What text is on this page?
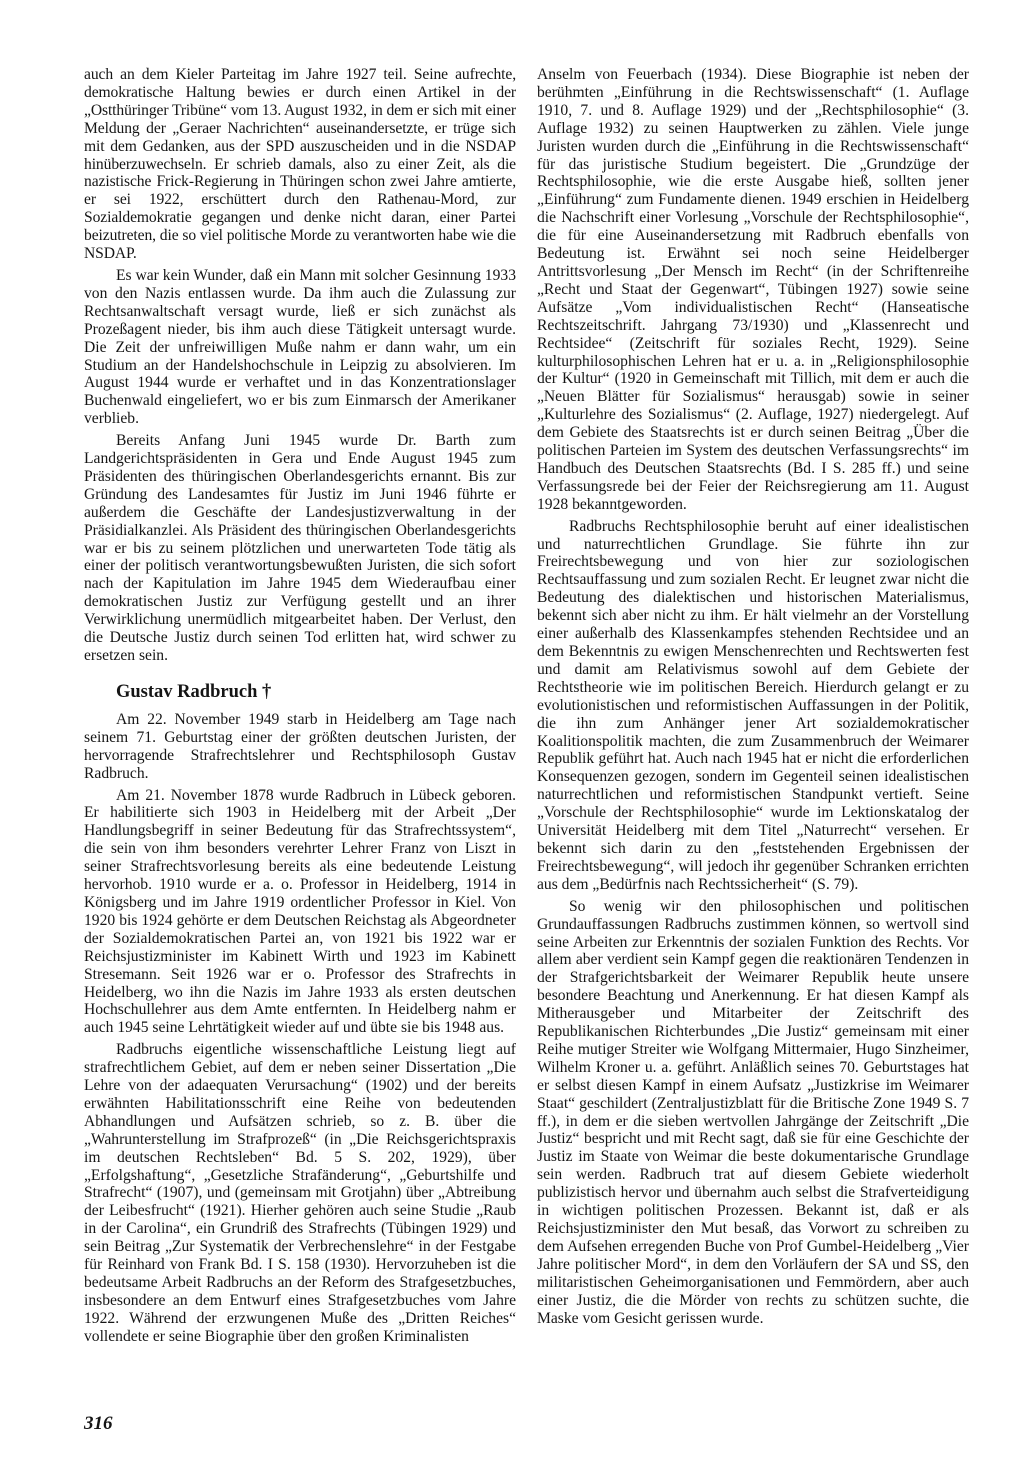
auch an dem Kieler Parteitag im Jahre 1927 teil. Seine aufrechte, demokratische Haltung bewies er durch einen Artikel in der „Ostthüringer Tribüne“ vom 13. August 1932, in dem er sich mit einer Meldung der „Geraer Nachrichten“ auseinandersetzte, er trüge sich mit dem Gedanken, aus der SPD auszuscheiden und in die NSDAP hinüberzuwechseln. Er schrieb damals, also zu einer Zeit, als die nazistische Frick-Regierung in Thüringen schon zwei Jahre amtierte, er sei 1922, erschüttert durch den Rathenau-Mord, zur Sozialdemokratie gegangen und denke nicht daran, einer Partei beizutreten, die so viel politische Morde zu verantworten habe wie die NSDAP.

Es war kein Wunder, daß ein Mann mit solcher Gesinnung 1933 von den Nazis entlassen wurde. Da ihm auch die Zulassung zur Rechtsanwaltschaft versagt wurde, ließ er sich zunächst als Prozeßagent nieder, bis ihm auch diese Tätigkeit untersagt wurde. Die Zeit der unfreiwilligen Muße nahm er dann wahr, um ein Studium an der Handelshochschule in Leipzig zu absolvieren. Im August 1944 wurde er verhaftet und in das Konzentrationslager Buchenwald eingeliefert, wo er bis zum Einmarsch der Amerikaner verblieb.

Bereits Anfang Juni 1945 wurde Dr. Barth zum Landgerichtspräsidenten in Gera und Ende August 1945 zum Präsidenten des thüringischen Oberlandesgerichts ernannt. Bis zur Gründung des Landesamtes für Justiz im Juni 1946 führte er außerdem die Geschäfte der Landesjustizverwaltung in der Präsidialkanzlei. Als Präsident des thüringischen Oberlandesgerichts war er bis zu seinem plötzlichen und unerwarteten Tode tätig als einer der politisch verantwortungsbewußten Juristen, die sich sofort nach der Kapitulation im Jahre 1945 dem Wiederaufbau einer demokratischen Justiz zur Verfügung gestellt und an ihrer Verwirklichung unermüdlich mitgearbeitet haben. Der Verlust, den die Deutsche Justiz durch seinen Tod erlitten hat, wird schwer zu ersetzen sein.

Gustav Radbruch †

Am 22. November 1949 starb in Heidelberg am Tage nach seinem 71. Geburtstag einer der größten deutschen Juristen, der hervorragende Strafrechtslehrer und Rechtsphilosoph Gustav Radbruch.

Am 21. November 1878 wurde Radbruch in Lübeck geboren. Er habilitierte sich 1903 in Heidelberg mit der Arbeit „Der Handlungsbegriff in seiner Bedeutung für das Strafrechtssystem“, die sein von ihm besonders verehrter Lehrer Franz von Liszt in seiner Strafrechtsvorlesung bereits als eine bedeutende Leistung hervorhob. 1910 wurde er a. o. Professor in Heidelberg, 1914 in Königsberg und im Jahre 1919 ordentlicher Professor in Kiel. Von 1920 bis 1924 gehörte er dem Deutschen Reichstag als Abgeordneter der Sozialdemokratischen Partei an, von 1921 bis 1922 war er Reichsjustizminister im Kabinett Wirth und 1923 im Kabinett Stresemann. Seit 1926 war er o. Professor des Strafrechts in Heidelberg, wo ihn die Nazis im Jahre 1933 als ersten deutschen Hochschullehrer aus dem Amte entfernten. In Heidelberg nahm er auch 1945 seine Lehrtätigkeit wieder auf und übte sie bis 1948 aus.

Radbruchs eigentliche wissenschaftliche Leistung liegt auf strafrechtlichem Gebiet, auf dem er neben seiner Dissertation „Die Lehre von der adaequaten Verursachung“ (1902) und der bereits erwähnten Habilitationsschrift eine Reihe von bedeutenden Abhandlungen und Aufsätzen schrieb, so z. B. über die „Wahrunterstellung im Strafprozeß“ (in „Die Reichsgerichtspraxis im deutschen Rechtsleben“ Bd. 5 S. 202, 1929), über „Erfolgshaftung“, „Gesetzliche Strafänderung“, „Geburtshilfe und Strafrecht“ (1907), und (gemeinsam mit Grotjahn) über „Abtreibung der Leibesfrucht“ (1921). Hierher gehören auch seine Studie „Raub in der Carolina“, ein Grundriß des Strafrechts (Tübingen 1929) und sein Beitrag „Zur Systematik der Verbrechenslehre“ in der Festgabe für Reinhard von Frank Bd. I S. 158 (1930). Hervorzuheben ist die bedeutsame Arbeit Radbruchs an der Reform des Strafgesetzbuches, insbesondere an dem Entwurf eines Strafgesetzbuches vom Jahre 1922. Während der erzwungenen Muße des „Dritten Reiches“ vollendete er seine Biographie über den großen Kriminalisten

Anselm von Feuerbach (1934). Diese Biographie ist neben der berühmten „Einführung in die Rechtswissenschaft“ (1. Auflage 1910, 7. und 8. Auflage 1929) und der „Rechtsphilosophie“ (3. Auflage 1932) zu seinen Hauptwerken zu zählen. Viele junge Juristen wurden durch die „Einführung in die Rechtswissenschaft“ für das juristische Studium begeistert. Die „Grundzüge der Rechtsphilosophie, wie die erste Ausgabe hieß, sollten jener „Einführung“ zum Fundamente dienen. 1949 erschien in Heidelberg die Nachschrift einer Vorlesung „Vorschule der Rechtsphilosophie“, die für eine Auseinandersetzung mit Radbruch ebenfalls von Bedeutung ist. Erwähnt sei noch seine Heidelberger Antrittsvorlesung „Der Mensch im Recht“ (in der Schriftenreihe „Recht und Staat der Gegenwart“, Tübingen 1927) sowie seine Aufsätze „Vom individualistischen Recht“ (Hanseatische Rechtszeitschrift. Jahrgang 73/1930) und „Klassenrecht und Rechtsidee“ (Zeitschrift für soziales Recht, 1929). Seine kulturphilosophischen Lehren hat er u. a. in „Religionsphilosophie der Kultur“ (1920 in Gemeinschaft mit Tillich, mit dem er auch die „Neuen Blätter für Sozialismus“ herausgab) sowie in seiner „Kulturlehre des Sozialismus“ (2. Auflage, 1927) niedergelegt. Auf dem Gebiete des Staatsrechts ist er durch seinen Beitrag „Über die politischen Parteien im System des deutschen Verfassungsrechts“ im Handbuch des Deutschen Staatsrechts (Bd. I S. 285 ff.) und seine Verfassungsrede bei der Feier der Reichsregierung am 11. August 1928 bekanntgeworden.

Radbruchs Rechtsphilosophie beruht auf einer idealistischen und naturrechtlichen Grundlage. Sie führte ihn zur Freirechtsbewegung und von hier zur soziologischen Rechtsauffassung und zum sozialen Recht. Er leugnet zwar nicht die Bedeutung des dialektischen und historischen Materialismus, bekennt sich aber nicht zu ihm. Er hält vielmehr an der Vorstellung einer außerhalb des Klassenkampfes stehenden Rechtsidee und an dem Bekenntnis zu ewigen Menschenrechten und Rechtswerten fest und damit am Relativismus sowohl auf dem Gebiete der Rechtstheorie wie im politischen Bereich. Hierdurch gelangt er zu evolutionistischen und reformistischen Auffassungen in der Politik, die ihn zum Anhänger jener Art sozialdemokratischer Koalitionspolitik machten, die zum Zusammenbruch der Weimarer Republik geführt hat. Auch nach 1945 hat er nicht die erforderlichen Konsequenzen gezogen, sondern im Gegenteil seinen idealistischen naturrechtlichen und reformistischen Standpunkt vertieft. Seine „Vorschule der Rechtsphilosophie“ wurde im Lektionskatalog der Universität Heidelberg mit dem Titel „Naturrecht“ versehen. Er bekennt sich darin zu den „feststehenden Ergebnissen der Freirechtsbewegung“, will jedoch ihr gegenüber Schranken errichten aus dem „Bedürfnis nach Rechtssicherheit“ (S. 79).

So wenig wir den philosophischen und politischen Grundauffassungen Radbruchs zustimmen können, so wertvoll sind seine Arbeiten zur Erkenntnis der sozialen Funktion des Rechts. Vor allem aber verdient sein Kampf gegen die reaktionären Tendenzen in der Strafgerichtsbarkeit der Weimarer Republik heute unsere besondere Beachtung und Anerkennung. Er hat diesen Kampf als Mitherausgeber und Mitarbeiter der Zeitschrift des Republikanischen Richterbundes „Die Justiz“ gemeinsam mit einer Reihe mutiger Streiter wie Wolfgang Mittermaier, Hugo Sinzheimer, Wilhelm Kroner u. a. geführt. Anläßlich seines 70. Geburtstages hat er selbst diesen Kampf in einem Aufsatz „Justizkrise im Weimarer Staat“ geschildert (Zentraljustizblatt für die Britische Zone 1949 S. 7 ff.), in dem er die sieben wertvollen Jahrgänge der Zeitschrift „Die Justiz“ bespricht und mit Recht sagt, daß sie für eine Geschichte der Justiz im Staate von Weimar die beste dokumentarische Grundlage sein werden. Radbruch trat auf diesem Gebiete wiederholt publizistisch hervor und übernahm auch selbst die Strafverteidigung in wichtigen politischen Prozessen. Bekannt ist, daß er als Reichsjustizminister den Mut besaß, das Vorwort zu schreiben zu dem Aufsehen erregenden Buche von Prof Gumbel-Heidelberg „Vier Jahre politischer Mord“, in dem den Vorläufern der SA und SS, den militaristischen Geheimorganisationen und Femmördern, aber auch einer Justiz, die die Mörder von rechts zu schützen suchte, die Maske vom Gesicht gerissen wurde.

316
